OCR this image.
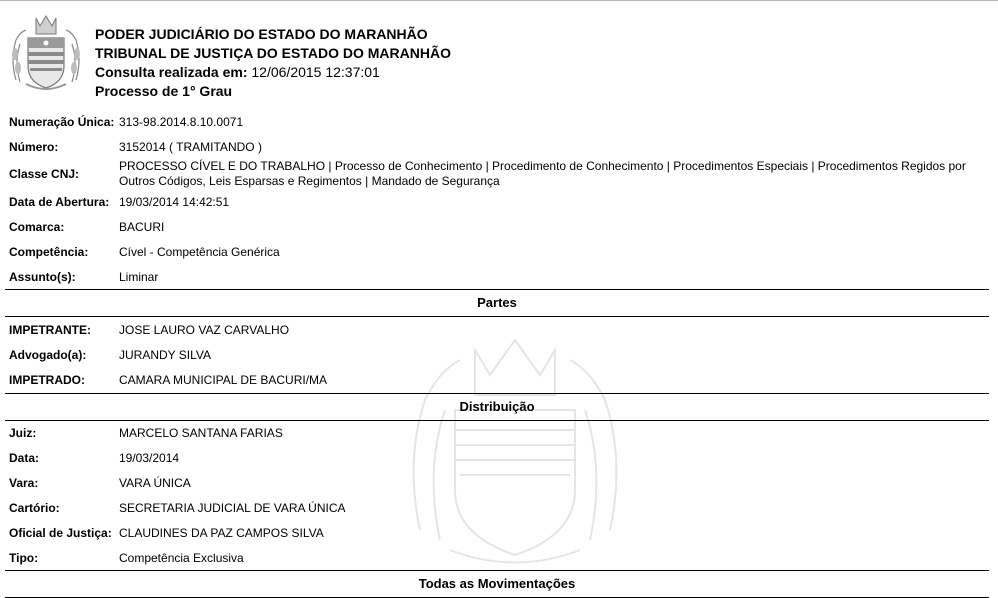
PODER JUDICIÁRIO DO ESTADO DO MARANHÃO
TRIBUNAL DE JUSTIÇA DO ESTADO DO MARANHÃO
Consulta realizada em: 12/06/2015 12:37:01
Processo de 1° Grau
Numeração Única: 313-98.2014.8.10.0071
Número:	3152014 ( TRAMITANDO )
Classe CNJ:
PROCESSO CÍVEL E DO TRABALHO | Processo de Conhecimento | Procedimento de Conhecimento | Procedimentos Especiais | Procedimentos Regidos por Outros Códigos, Leis Esparsas e Regimentos | Mandado de Segurança
Data de Abertura: 19/03/2014 14:42:51
Comarca:	BACURI
Competência:	Cível - Competência Genérica
Assunto(s):	Liminar
Partes
IMPETRANTE:	JOSE LAURO VAZ CARVALHO
Advogado(a):	JURANDY SILVA
IMPETRADO:	CAMARA MUNICIPAL DE BACURI/MA
Distribuição
Juiz:	MARCELO SANTANA FARIAS
Data:	19/03/2014
Vara:	VARA ÚNICA
Cartório:	SECRETARIA JUDICIAL DE VARA ÚNICA
Oficial de Justiça: CLAUDINES DA PAZ CAMPOS SILVA
Tipo:	Competência Exclusiva
Todas as Movimentações
